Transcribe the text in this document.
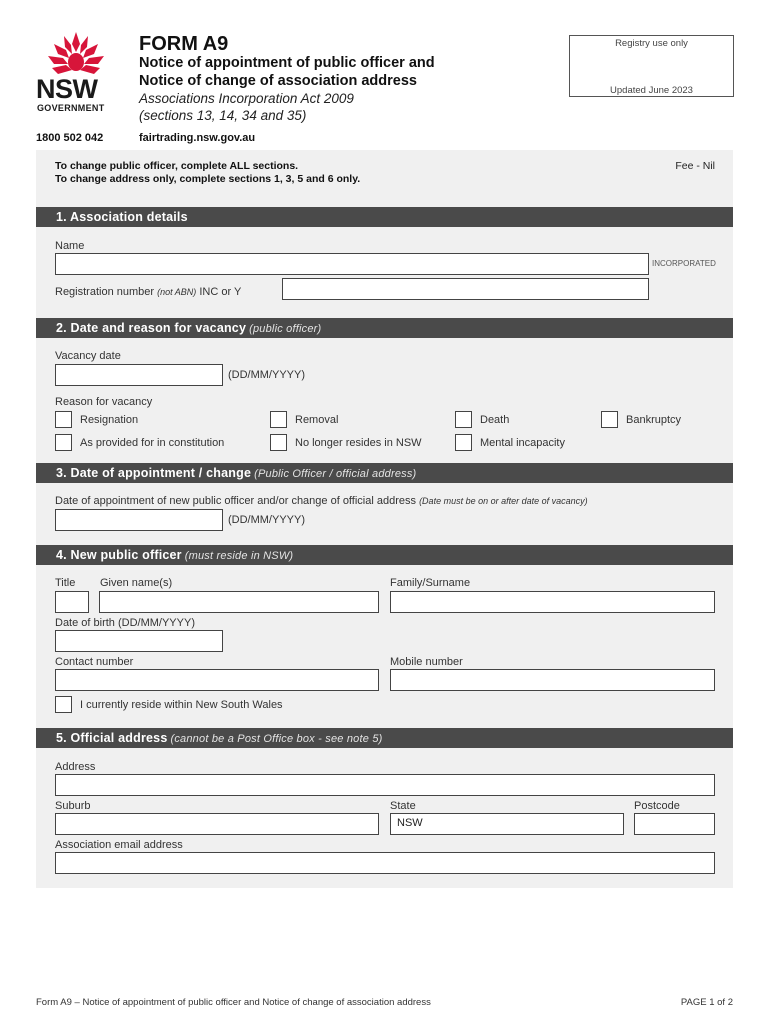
NSW
GOVERNMENT
FORM A9
Notice of appointment of public officer and
Notice of change of association address
Associations Incorporation Act 2009
(sections 13, 14, 34 and 35)
Registry use only
Updated June 2023
1800 502 042	fairtrading.nsw.gov.au
To change public officer, complete ALL sections.
To change address only, complete sections 1, 3, 5 and 6 only.
Fee - Nil
1. Association details
Name
INCORPORATED
Registration number (not ABN) INC or Y
2. Date and reason for vacancy (public officer)
Vacancy date
(DD/MM/YYYY)
Reason for vacancy
Resignation	Removal	Death	Bankruptcy
As provided for in constitution	No longer resides in NSW	Mental incapacity
3. Date of appointment / change (Public Officer / official address)
Date of appointment of new public officer and/or change of official address (Date must be on or after date of vacancy)
(DD/MM/YYYY)
4. New public officer (must reside in NSW)
Title Given name(s)	Family/Surname
Date of birth (DD/MM/YYYY)
Contact number	Mobile number
I currently reside within New South Wales
5. Official address (cannot be a Post Office box - see note 5)
Address
Suburb	State	Postcode
NSW
Association email address
Form A9 – Notice of appointment of public officer and Notice of change of association address	PAGE 1 of 2
